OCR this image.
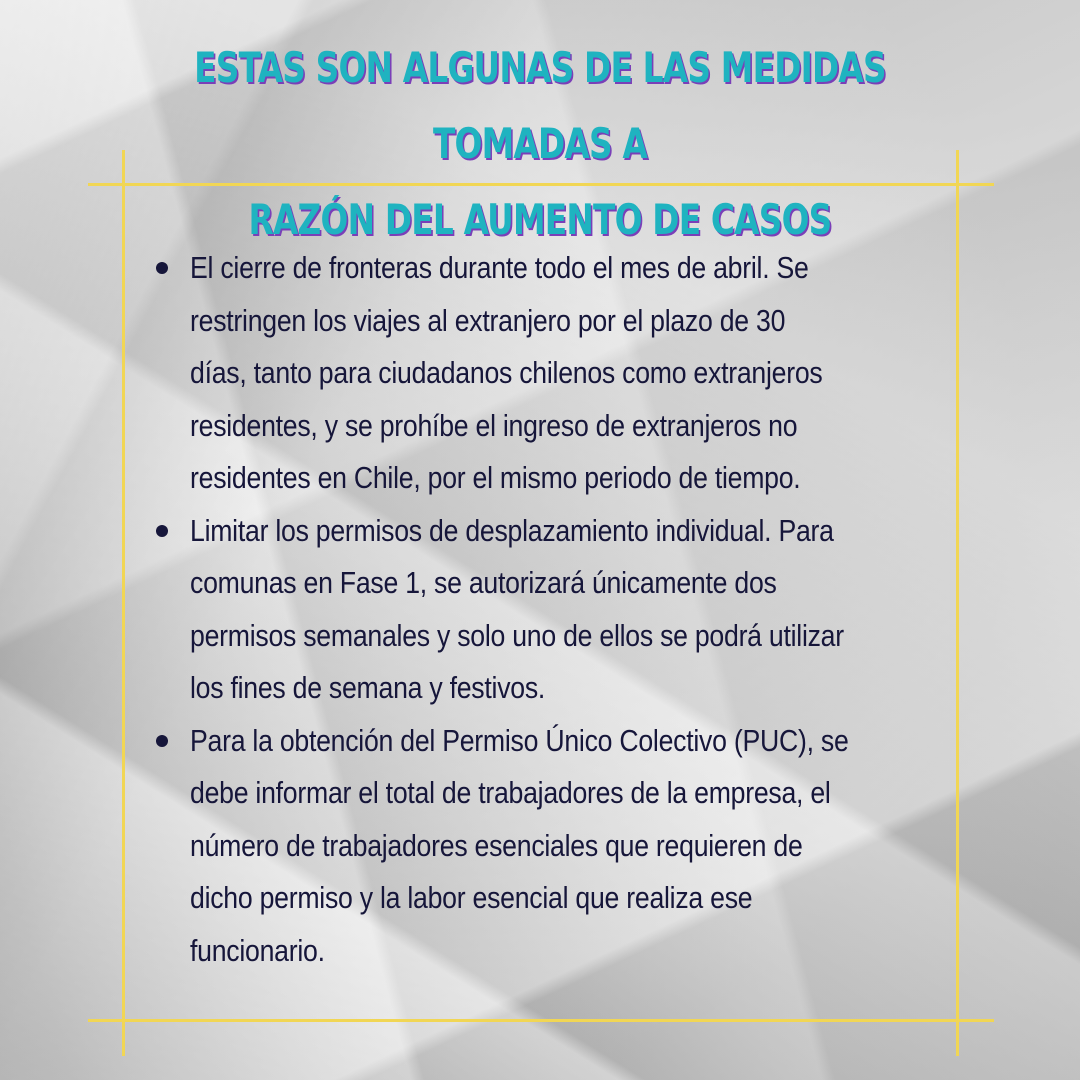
ESTAS SON ALGUNAS DE LAS MEDIDAS TOMADAS A
RAZÓN DEL AUMENTO DE CASOS
El cierre de fronteras durante todo el mes de abril. Se
restringen los viajes al extranjero por el plazo de 30
días, tanto para ciudadanos chilenos como extranjeros
residentes, y se prohíbe el ingreso de extranjeros no
residentes en Chile, por el mismo periodo de tiempo.
Limitar los permisos de desplazamiento individual. Para
comunas en Fase 1, se autorizará únicamente dos
permisos semanales y solo uno de ellos se podrá utilizar
los fines de semana y festivos.
Para la obtención del Permiso Único Colectivo (PUC), se
debe informar el total de trabajadores de la empresa, el
número de trabajadores esenciales que requieren de
dicho permiso y la labor esencial que realiza ese
funcionario.
